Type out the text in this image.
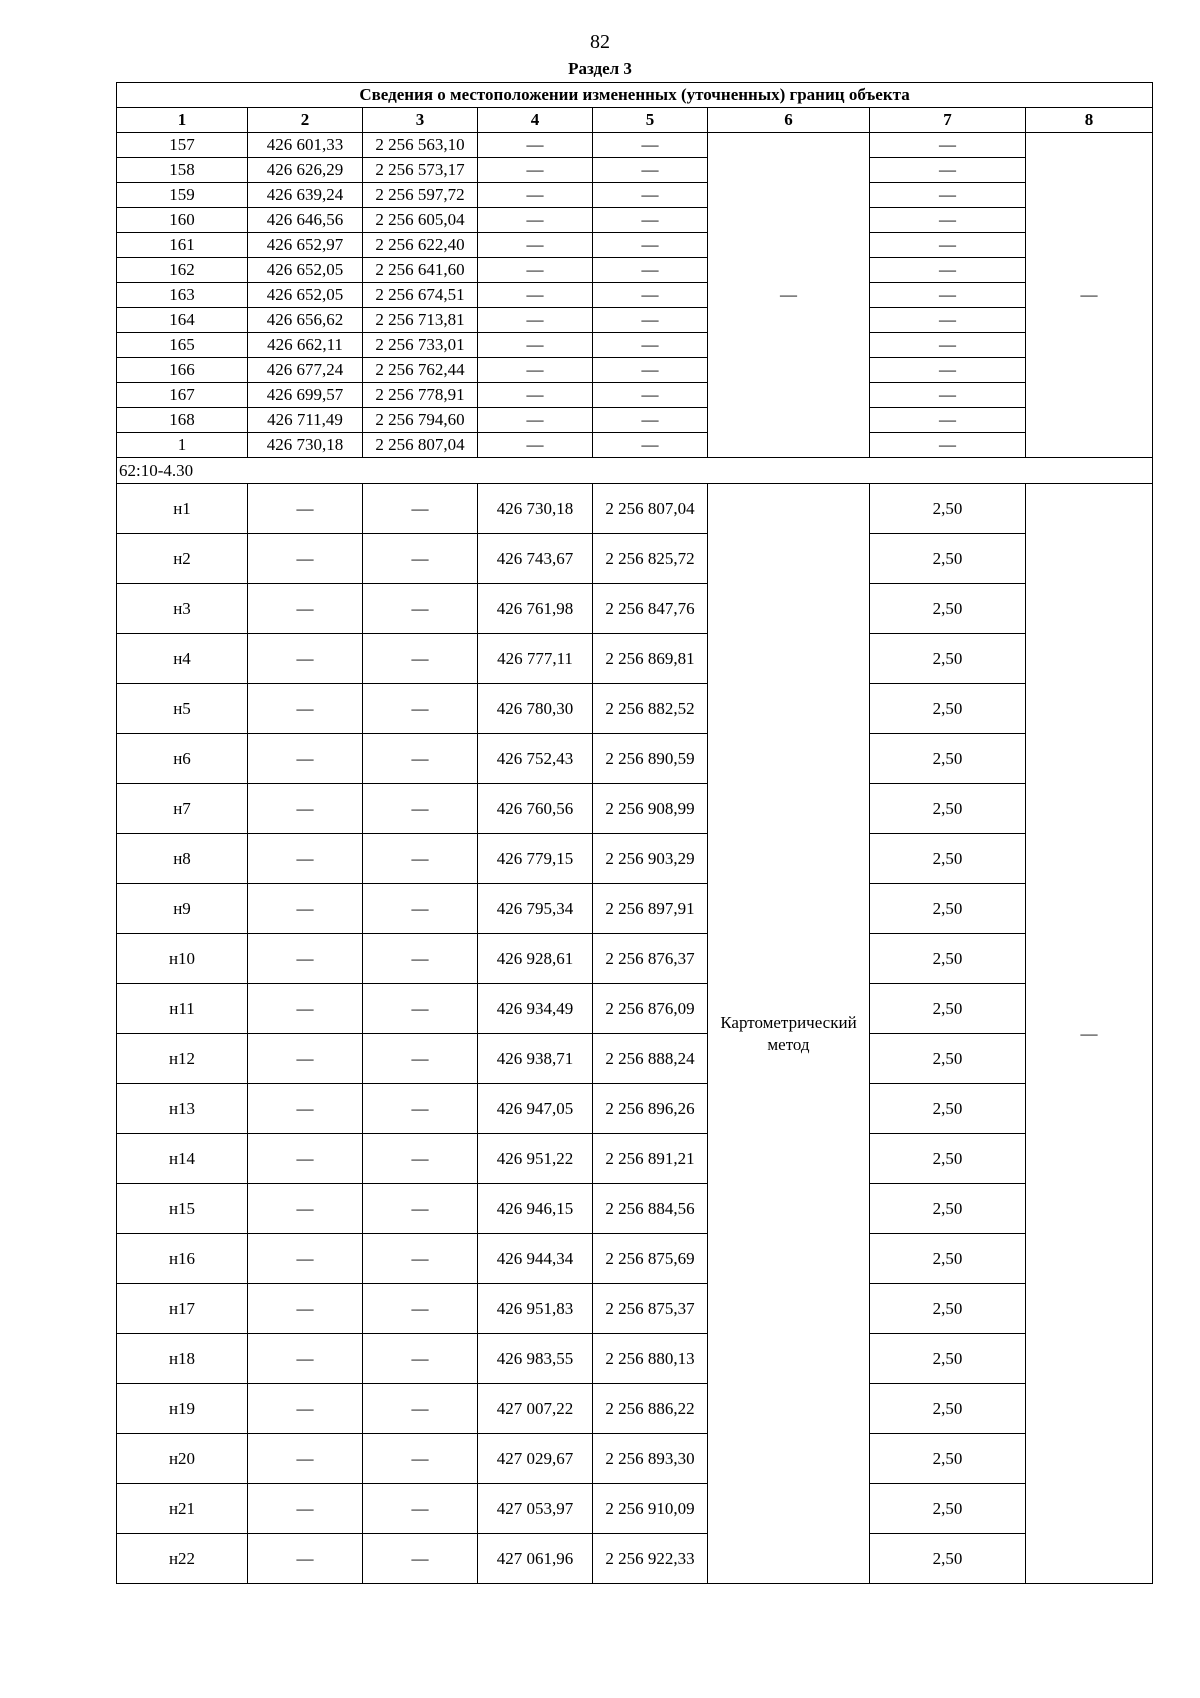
82
Раздел 3
Сведения о местоположении измененных (уточненных) границ объекта							
1	2	3	4	5	6	7	8
157	426 601,33	2 256 563,10	—	—	—	—	—
158	426 626,29	2 256 573,17	—	—		—	
159	426 639,24	2 256 597,72	—	—		—	
160	426 646,56	2 256 605,04	—	—		—	
161	426 652,97	2 256 622,40	—	—		—	
162	426 652,05	2 256 641,60	—	—		—	
163	426 652,05	2 256 674,51	—	—		—	
164	426 656,62	2 256 713,81	—	—		—	
165	426 662,11	2 256 733,01	—	—		—	
166	426 677,24	2 256 762,44	—	—		—	
167	426 699,57	2 256 778,91	—	—		—	
168	426 711,49	2 256 794,60	—	—		—	
1	426 730,18	2 256 807,04	—	—		—	
62:10-4.30							
н1	—	—	426 730,18	2 256 807,04	Картометрический метод	2,50	—
н2	—	—	426 743,67	2 256 825,72		2,50	
н3	—	—	426 761,98	2 256 847,76		2,50	
н4	—	—	426 777,11	2 256 869,81		2,50	
н5	—	—	426 780,30	2 256 882,52		2,50	
н6	—	—	426 752,43	2 256 890,59		2,50	
н7	—	—	426 760,56	2 256 908,99		2,50	
н8	—	—	426 779,15	2 256 903,29		2,50	
н9	—	—	426 795,34	2 256 897,91		2,50	
н10	—	—	426 928,61	2 256 876,37		2,50	
н11	—	—	426 934,49	2 256 876,09		2,50	
н12	—	—	426 938,71	2 256 888,24		2,50	
н13	—	—	426 947,05	2 256 896,26		2,50	
н14	—	—	426 951,22	2 256 891,21		2,50	
н15	—	—	426 946,15	2 256 884,56		2,50	
н16	—	—	426 944,34	2 256 875,69		2,50	
н17	—	—	426 951,83	2 256 875,37		2,50	
н18	—	—	426 983,55	2 256 880,13		2,50	
н19	—	—	427 007,22	2 256 886,22		2,50	
н20	—	—	427 029,67	2 256 893,30		2,50	
н21	—	—	427 053,97	2 256 910,09		2,50	
н22	—	—	427 061,96	2 256 922,33		2,50	
